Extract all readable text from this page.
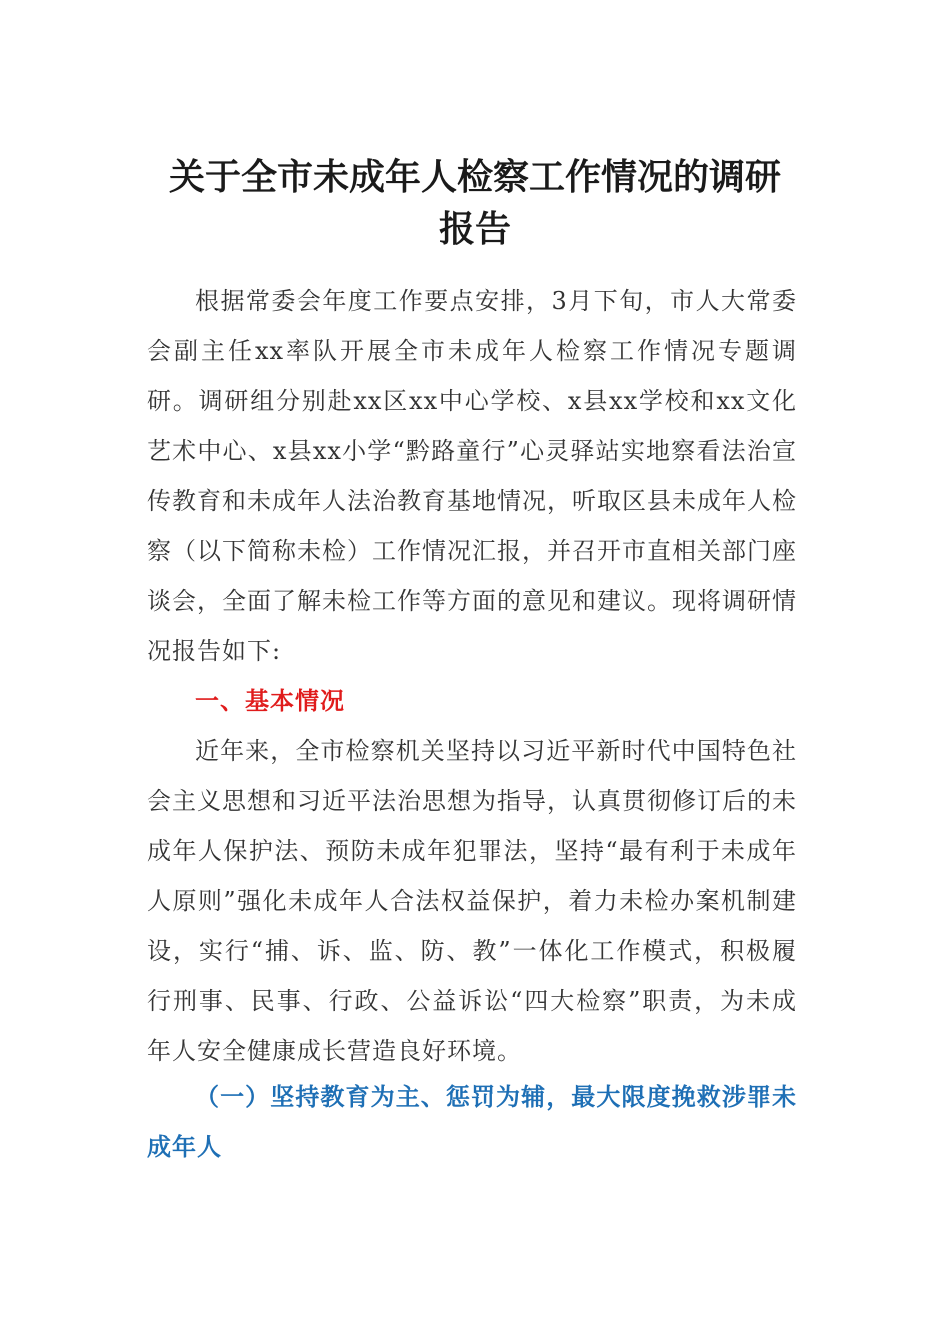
关于全市未成年人检察工作情况的调研
报告

根据常委会年度工作要点安排，3月下旬，市人大常委会副主任xx率队开展全市未成年人检察工作情况专题调研。调研组分别赴xx区xx中心学校、x县xx学校和xx文化艺术中心、x县xx小学“黔路童行”心灵驿站实地察看法治宣传教育和未成年人法治教育基地情况，听取区县未成年人检察（以下简称未检）工作情况汇报，并召开市直相关部门座谈会，全面了解未检工作等方面的意见和建议。现将调研情况报告如下:

一、基本情况

近年来，全市检察机关坚持以习近平新时代中国特色社会主义思想和习近平法治思想为指导，认真贯彻修订后的未成年人保护法、预防未成年犯罪法，坚持“最有利于未成年人原则”强化未成年人合法权益保护，着力未检办案机制建设，实行“捕、诉、监、防、教”一体化工作模式，积极履行刑事、民事、行政、公益诉讼“四大检察”职责，为未成年人安全健康成长营造良好环境。

（一）坚持教育为主、惩罚为辅，最大限度挽救涉罪未成年人
